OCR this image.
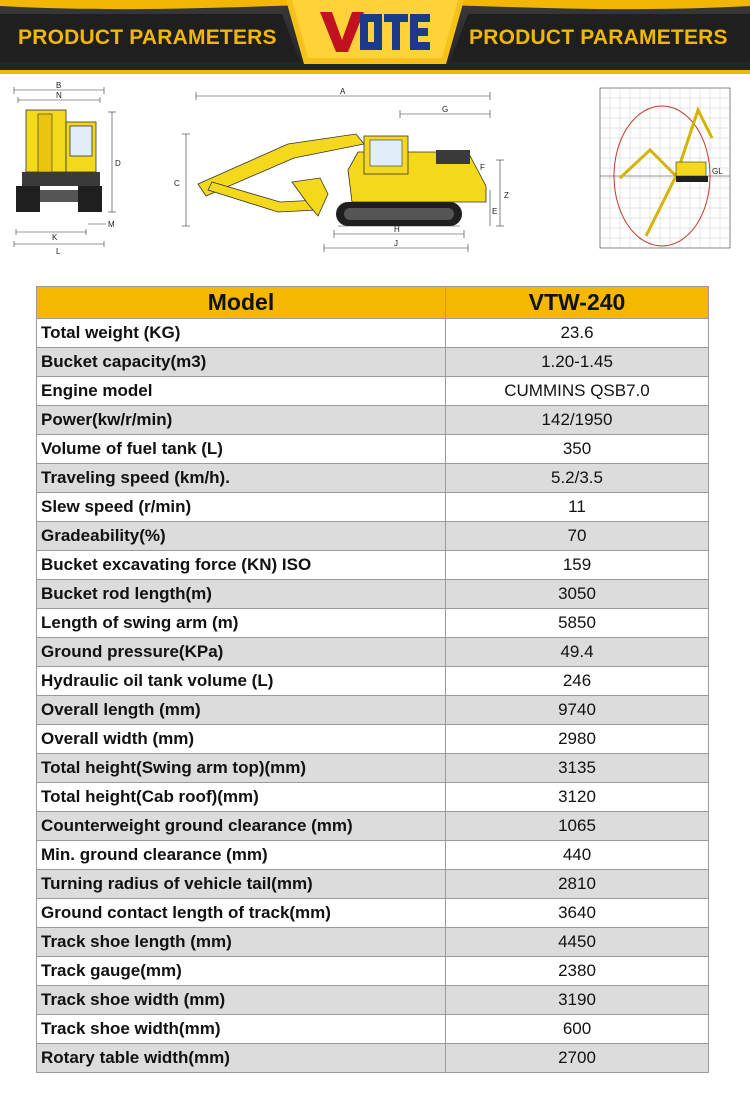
PRODUCT PARAMETERS	PRODUCT PARAMETERS
B
N
D
M
K
L
A
G
C
F
Z
E
H
J
GL
Model	VTW-240
Total weight (KG)	23.6
Bucket capacity(m3)	1.20-1.45
Engine model	CUMMINS QSB7.0
Power(kw/r/min)	142/1950
Volume of fuel tank (L)	350
Traveling speed (km/h).	5.2/3.5
Slew speed (r/min)	11
Gradeability(%)	70
Bucket excavating force (KN) ISO	159
Bucket rod length(m)	3050
Length of swing arm (m)	5850
Ground pressure(KPa)	49.4
Hydraulic oil tank volume (L)	246
Overall length (mm)	9740
Overall width (mm)	2980
Total height(Swing arm top)(mm)	3135
Total height(Cab roof)(mm)	3120
Counterweight ground clearance (mm)	1065
Min. ground clearance (mm)	440
Turning radius of vehicle tail(mm)	2810
Ground contact length of track(mm)	3640
Track shoe length (mm)	4450
Track gauge(mm)	2380
Track shoe width (mm)	3190
Track shoe width(mm)	600
Rotary table width(mm)	2700
